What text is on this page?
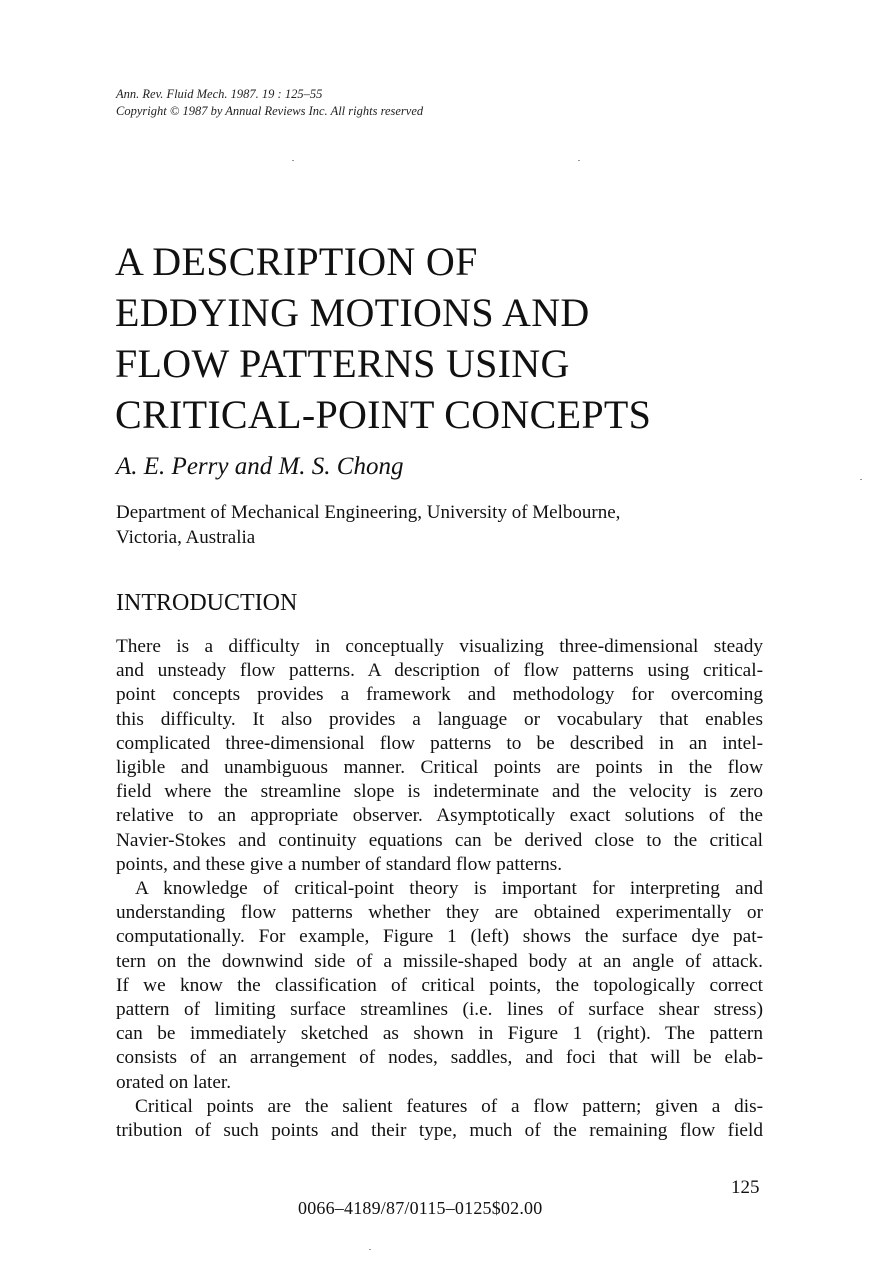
Ann. Rev. Fluid Mech. 1987. 19 : 125–55
Copyright © 1987 by Annual Reviews Inc. All rights reserved
A DESCRIPTION OF
EDDYING MOTIONS AND
FLOW PATTERNS USING
CRITICAL-POINT CONCEPTS
A. E. Perry and M. S. Chong
Department of Mechanical Engineering, University of Melbourne,
Victoria, Australia
INTRODUCTION
There is a difficulty in conceptually visualizing three-dimensional steady
and unsteady flow patterns. A description of flow patterns using critical-
point concepts provides a framework and methodology for overcoming
this difficulty. It also provides a language or vocabulary that enables
complicated three-dimensional flow patterns to be described in an intel-
ligible and unambiguous manner. Critical points are points in the flow
field where the streamline slope is indeterminate and the velocity is zero
relative to an appropriate observer. Asymptotically exact solutions of the
Navier-Stokes and continuity equations can be derived close to the critical
points, and these give a number of standard flow patterns.
A knowledge of critical-point theory is important for interpreting and
understanding flow patterns whether they are obtained experimentally or
computationally. For example, Figure 1 (left) shows the surface dye pat-
tern on the downwind side of a missile-shaped body at an angle of attack.
If we know the classification of critical points, the topologically correct
pattern of limiting surface streamlines (i.e. lines of surface shear stress)
can be immediately sketched as shown in Figure 1 (right). The pattern
consists of an arrangement of nodes, saddles, and foci that will be elab-
orated on later.
Critical points are the salient features of a flow pattern; given a dis-
tribution of such points and their type, much of the remaining flow field
125
0066–4189/87/0115–0125$02.00
